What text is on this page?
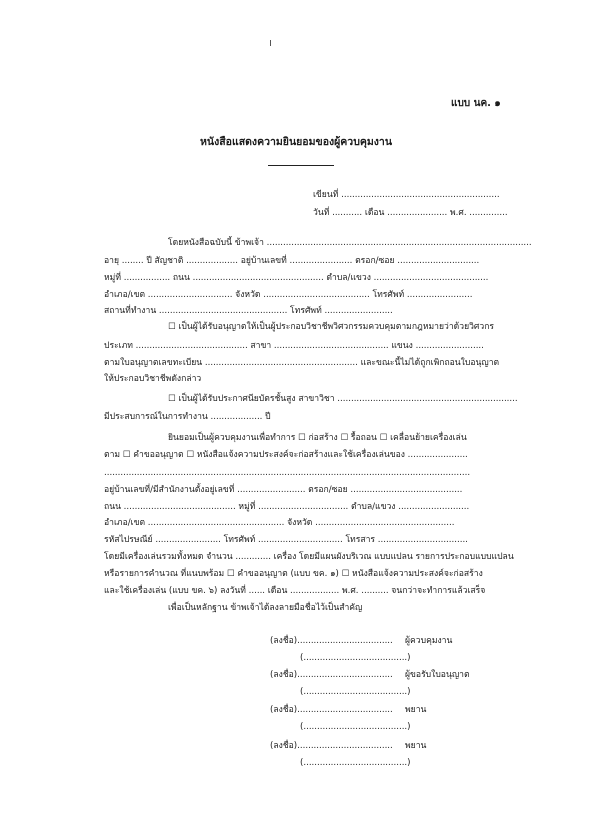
แบบ นค. ๑
หนังสือแสดงความยินยอมของผู้ควบคุมงาน
เขียนที่ ..........................................................
วันที่ ........... เดือน ...................... พ.ศ. ..............
โดยหนังสือฉบับนี้ ข้าพเจ้า .................................................................................................
อายุ ........ ปี สัญชาติ ................... อยู่บ้านเลขที่ ....................... ตรอก/ซอย ..............................
หมู่ที่ ................. ถนน ................................................ ตำบล/แขวง ..........................................
อำเภอ/เขต ............................... จังหวัด ....................................... โทรศัพท์ ........................
สถานที่ทำงาน ............................................... โทรศัพท์ .........................
☐ เป็นผู้ได้รับอนุญาตให้เป็นผู้ประกอบวิชาชีพวิศวกรรมควบคุมตามกฎหมายว่าด้วยวิศวกร
ประเภท ......................................... สาขา .......................................... แขนง .........................
ตามใบอนุญาตเลขทะเบียน ........................................................ และขณะนี้ไม่ได้ถูกเพิกถอนใบอนุญาต
ให้ประกอบวิชาชีพดังกล่าว
☐ เป็นผู้ได้รับประกาศนียบัตรชั้นสูง สาขาวิชา ..................................................................
มีประสบการณ์ในการทำงาน ................... ปี
ยินยอมเป็นผู้ควบคุมงานเพื่อทำการ ☐ ก่อสร้าง ☐ รื้อถอน ☐ เคลื่อนย้ายเครื่องเล่น
ตาม ☐ คำขออนุญาต ☐ หนังสือแจ้งความประสงค์จะก่อสร้างและใช้เครื่องเล่นของ ......................
......................................................................................................................................
อยู่บ้านเลขที่/มีสำนักงานตั้งอยู่เลขที่ ......................... ตรอก/ซอย .........................................
ถนน ......................................... หมู่ที่ ................................. ตำบล/แขวง ..........................
อำเภอ/เขต .................................................. จังหวัด ...................................................
รหัสไปรษณีย์ ........................ โทรศัพท์ ............................... โทรสาร .................................
โดยมีเครื่องเล่นรวมทั้งหมด จำนวน ............. เครื่อง โดยมีแผนผังบริเวณ แบบแปลน รายการประกอบแบบแปลน
หรือรายการคำนวณ ที่แนบพร้อม ☐ คำขออนุญาต (แบบ ขค. ๑) ☐ หนังสือแจ้งความประสงค์จะก่อสร้าง
และใช้เครื่องเล่น (แบบ ขค. ๖) ลงวันที่ ...... เดือน .................. พ.ศ. .......... จนกว่าจะทำการแล้วเสร็จ
เพื่อเป็นหลักฐาน ข้าพเจ้าได้ลงลายมือชื่อไว้เป็นสำคัญ
(ลงชื่อ)................................... ผู้ควบคุมงาน
(......................................)
(ลงชื่อ)................................... ผู้ขอรับใบอนุญาต
(......................................)
(ลงชื่อ)................................... พยาน
(......................................)
(ลงชื่อ)................................... พยาน
(......................................)
